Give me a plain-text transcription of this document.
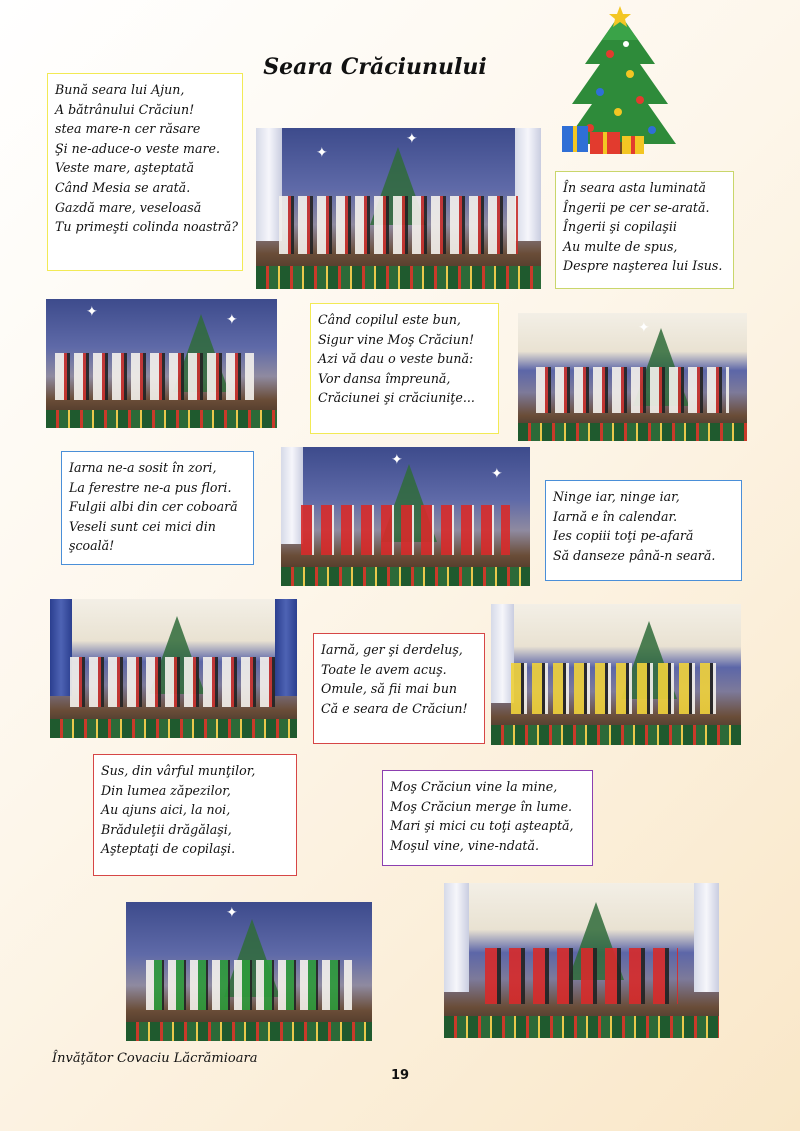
Seara Crăciunului
Bună seara lui Ajun,
A bătrânului Crăciun!
stea mare-n cer răsare
Şi ne-aduce-o veste mare.
Veste mare, aşteptată
Când Mesia se arată.
Gazdă mare, veseloasă
Tu primeşti colinda noastră?
În seara asta luminată
Îngerii pe cer se-arată.
Îngerii şi copilaşii
Au multe de spus,
Despre naşterea lui Isus.
Când copilul este bun,
Sigur vine Moş Crăciun!
Azi vă dau o veste bună:
Vor dansa împreună,
Crăciunei şi crăciuniţe...
Iarna ne-a sosit în zori,
La ferestre ne-a pus flori.
Fulgii albi din cer coboară
Veseli sunt cei mici din
şcoală!
Ninge iar, ninge iar,
Iarnă e în calendar.
Ies copiii toţi pe-afară
Să danseze până-n seară.
Iarnă, ger şi derdeluş,
Toate le avem acuş.
Omule, să fii mai bun
Că e seara de Crăciun!
Sus, din vârful munţilor,
Din lumea zăpezilor,
Au ajuns aici, la noi,
Brăduleţii drăgălaşi,
Aşteptaţi de copilaşi.
Moş Crăciun vine la mine,
Moş Crăciun merge în lume.
Mari şi mici cu toţi aşteaptă,
Moşul vine, vine-ndată.
✦
✦
✦	✦	✦
✦
✦
✦
Învăţător Covaciu Lăcrămioara
19
